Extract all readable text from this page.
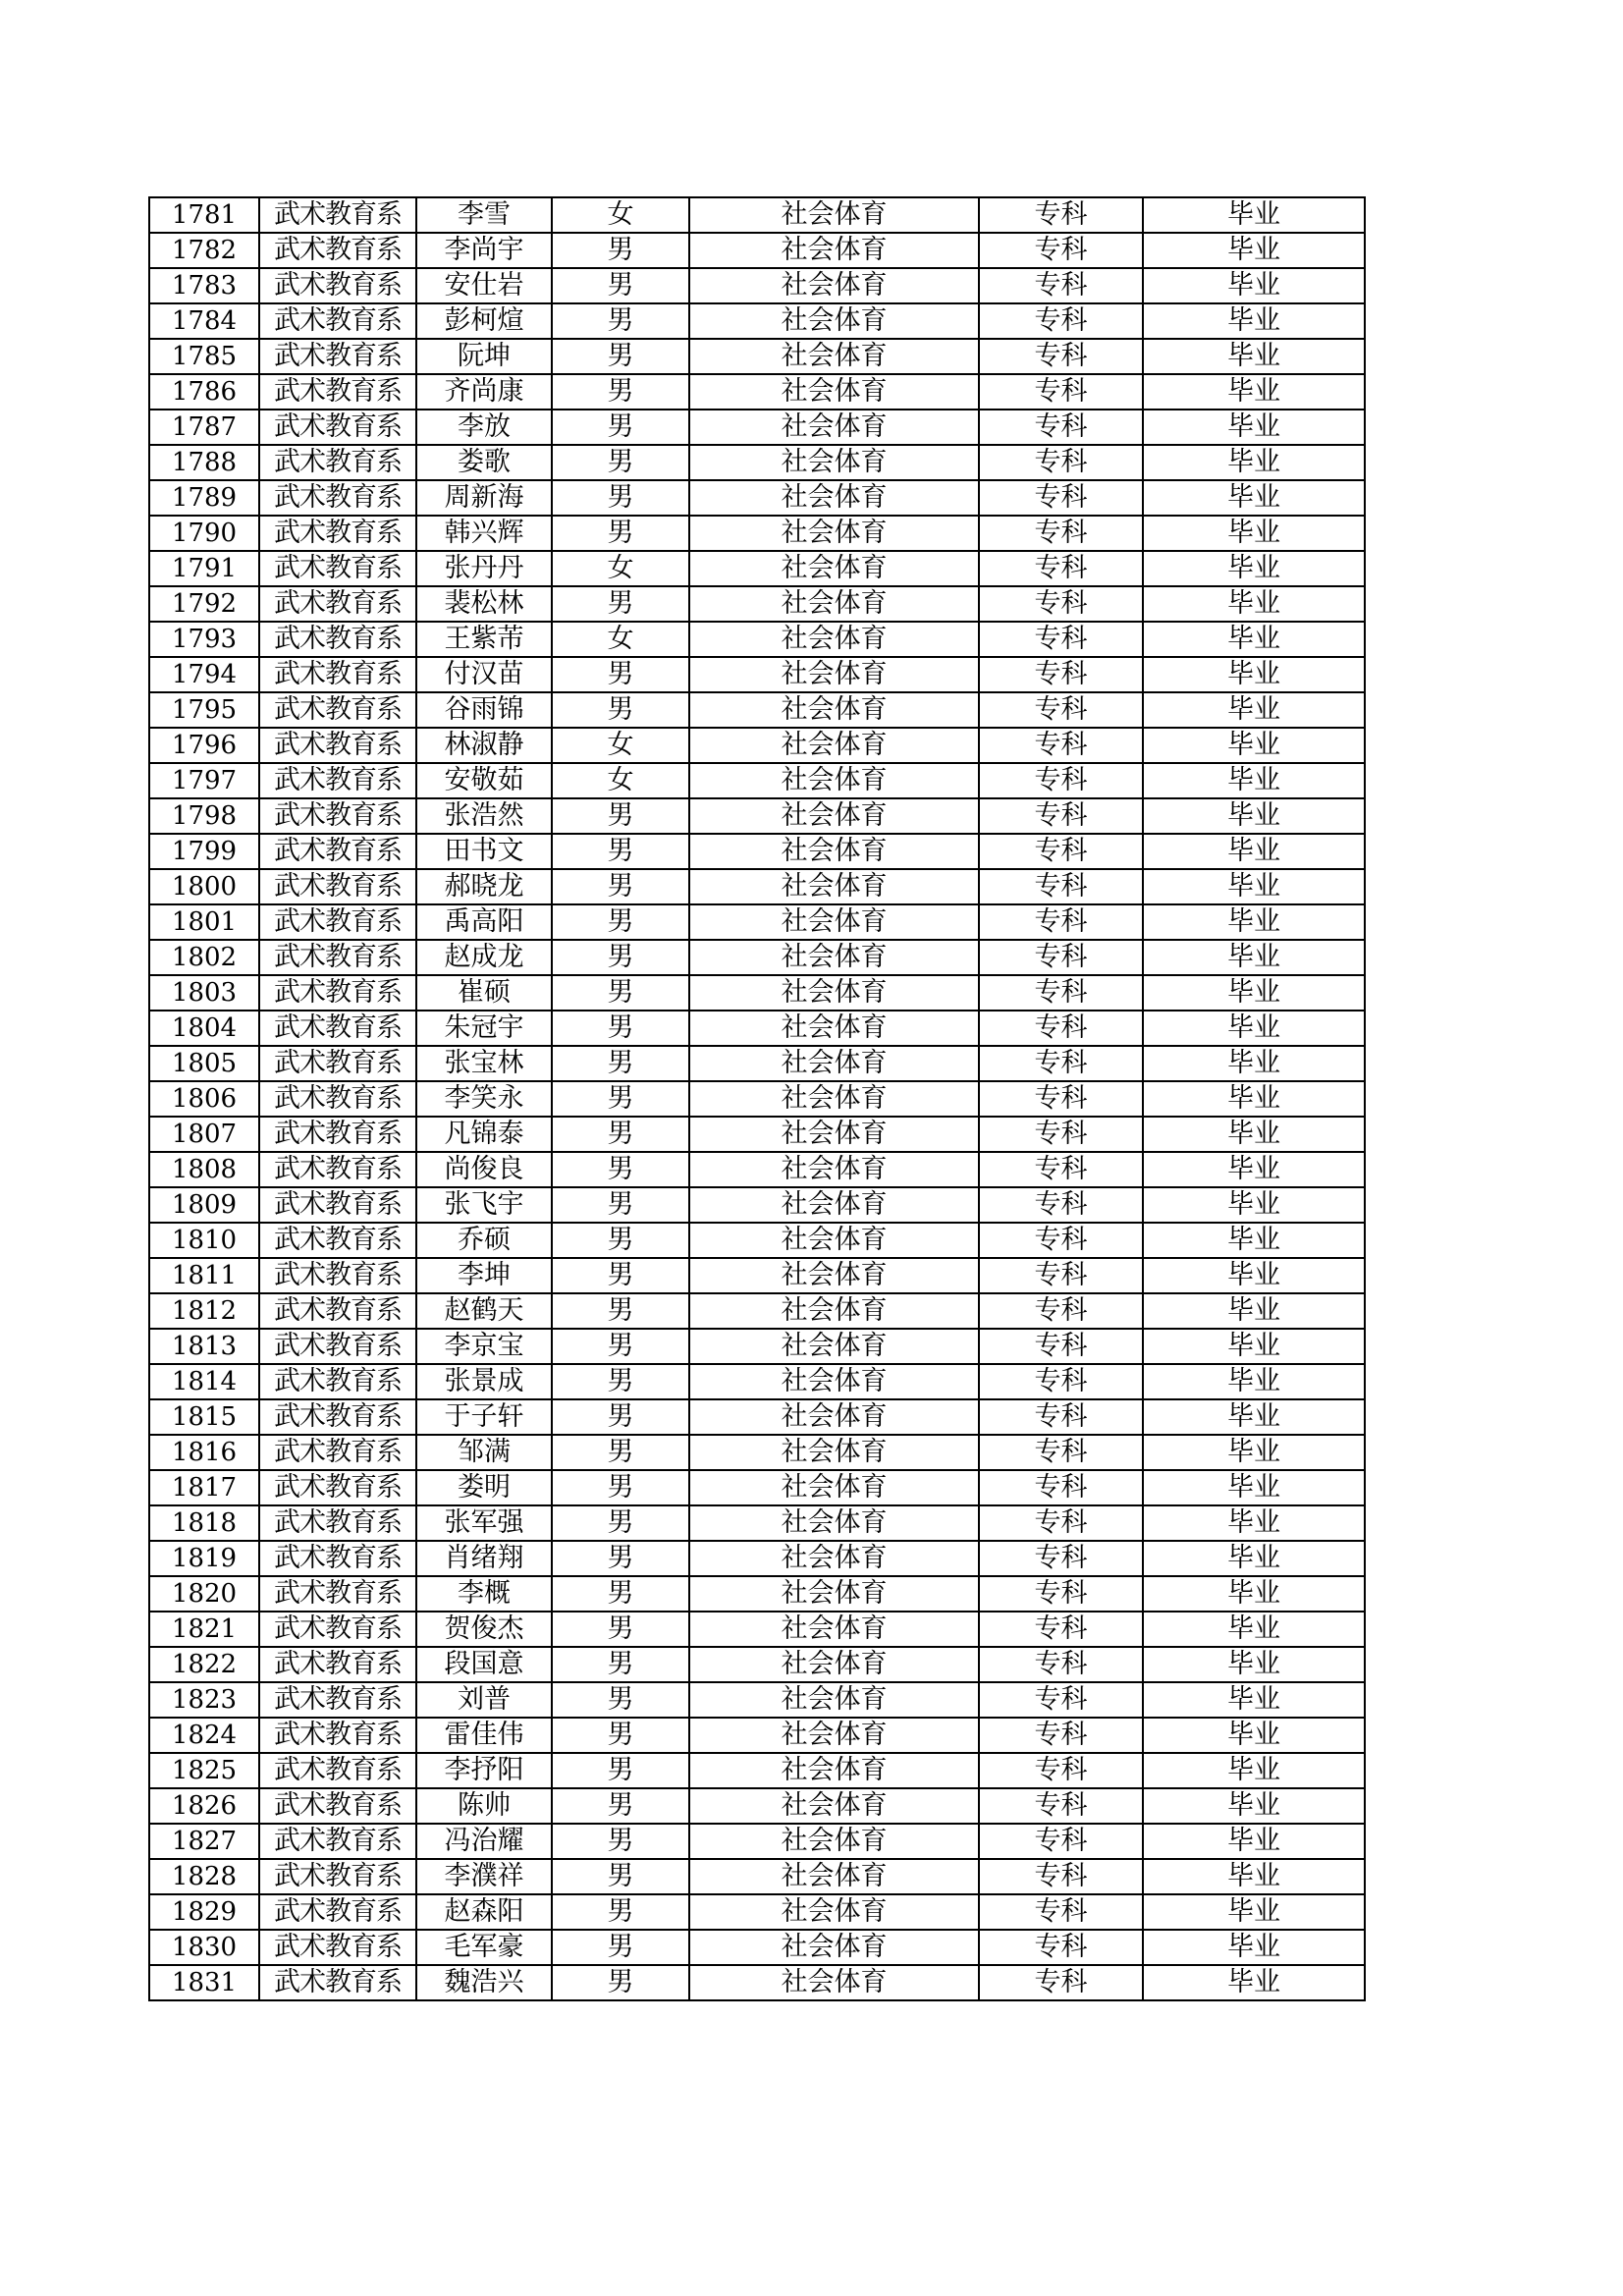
1781	武术教育系	李雪	女	社会体育	专科	毕业
1782	武术教育系	李尚宇	男	社会体育	专科	毕业
1783	武术教育系	安仕岩	男	社会体育	专科	毕业
1784	武术教育系	彭柯煊	男	社会体育	专科	毕业
1785	武术教育系	阮坤	男	社会体育	专科	毕业
1786	武术教育系	齐尚康	男	社会体育	专科	毕业
1787	武术教育系	李放	男	社会体育	专科	毕业
1788	武术教育系	娄歌	男	社会体育	专科	毕业
1789	武术教育系	周新海	男	社会体育	专科	毕业
1790	武术教育系	韩兴辉	男	社会体育	专科	毕业
1791	武术教育系	张丹丹	女	社会体育	专科	毕业
1792	武术教育系	裴松林	男	社会体育	专科	毕业
1793	武术教育系	王紫芾	女	社会体育	专科	毕业
1794	武术教育系	付汉苗	男	社会体育	专科	毕业
1795	武术教育系	谷雨锦	男	社会体育	专科	毕业
1796	武术教育系	林淑静	女	社会体育	专科	毕业
1797	武术教育系	安敬茹	女	社会体育	专科	毕业
1798	武术教育系	张浩然	男	社会体育	专科	毕业
1799	武术教育系	田书文	男	社会体育	专科	毕业
1800	武术教育系	郝晓龙	男	社会体育	专科	毕业
1801	武术教育系	禹高阳	男	社会体育	专科	毕业
1802	武术教育系	赵成龙	男	社会体育	专科	毕业
1803	武术教育系	崔硕	男	社会体育	专科	毕业
1804	武术教育系	朱冠宇	男	社会体育	专科	毕业
1805	武术教育系	张宝林	男	社会体育	专科	毕业
1806	武术教育系	李笑永	男	社会体育	专科	毕业
1807	武术教育系	凡锦泰	男	社会体育	专科	毕业
1808	武术教育系	尚俊良	男	社会体育	专科	毕业
1809	武术教育系	张飞宇	男	社会体育	专科	毕业
1810	武术教育系	乔硕	男	社会体育	专科	毕业
1811	武术教育系	李坤	男	社会体育	专科	毕业
1812	武术教育系	赵鹤天	男	社会体育	专科	毕业
1813	武术教育系	李京宝	男	社会体育	专科	毕业
1814	武术教育系	张景成	男	社会体育	专科	毕业
1815	武术教育系	于子轩	男	社会体育	专科	毕业
1816	武术教育系	邹满	男	社会体育	专科	毕业
1817	武术教育系	娄明	男	社会体育	专科	毕业
1818	武术教育系	张军强	男	社会体育	专科	毕业
1819	武术教育系	肖绪翔	男	社会体育	专科	毕业
1820	武术教育系	李概	男	社会体育	专科	毕业
1821	武术教育系	贺俊杰	男	社会体育	专科	毕业
1822	武术教育系	段国意	男	社会体育	专科	毕业
1823	武术教育系	刘普	男	社会体育	专科	毕业
1824	武术教育系	雷佳伟	男	社会体育	专科	毕业
1825	武术教育系	李抒阳	男	社会体育	专科	毕业
1826	武术教育系	陈帅	男	社会体育	专科	毕业
1827	武术教育系	冯治耀	男	社会体育	专科	毕业
1828	武术教育系	李濮祥	男	社会体育	专科	毕业
1829	武术教育系	赵森阳	男	社会体育	专科	毕业
1830	武术教育系	毛军豪	男	社会体育	专科	毕业
1831	武术教育系	魏浩兴	男	社会体育	专科	毕业
